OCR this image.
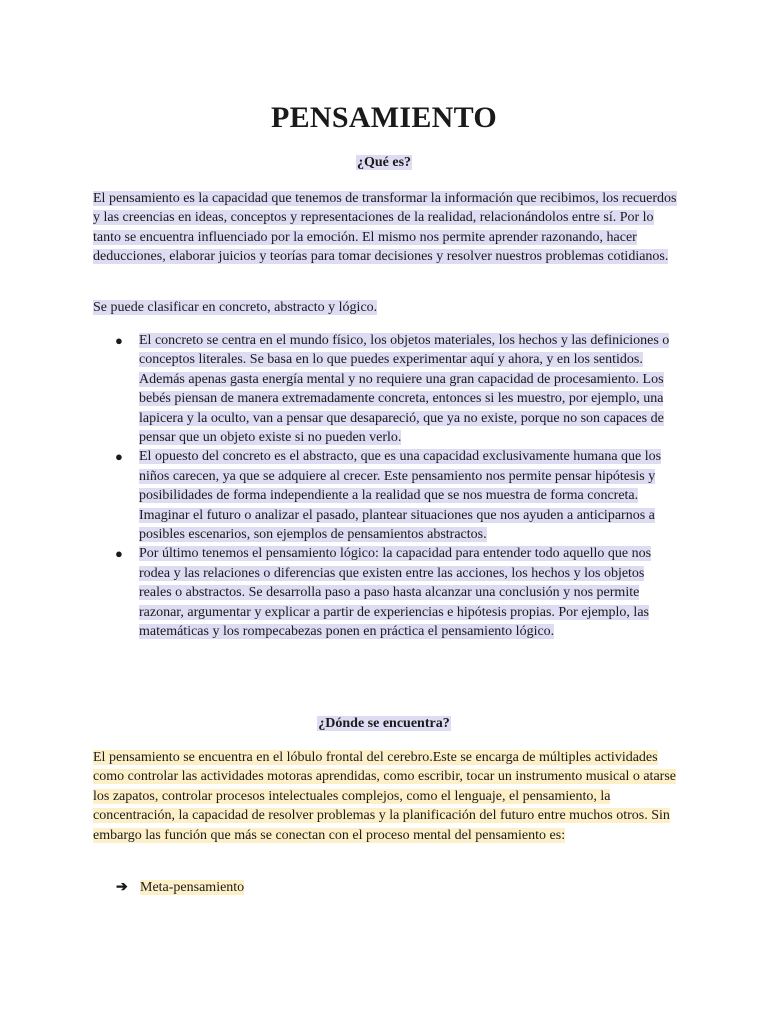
PENSAMIENTO
¿Qué es?
El pensamiento es la capacidad que tenemos de transformar la información que recibimos, los recuerdos y las creencias en ideas, conceptos y representaciones de la realidad, relacionándolos entre sí. Por lo tanto se encuentra influenciado por la emoción. El mismo nos permite aprender razonando, hacer deducciones, elaborar juicios y teorías para tomar decisiones y resolver nuestros problemas cotidianos.
Se puede clasificar en concreto, abstracto y lógico.
● El concreto se centra en el mundo físico, los objetos materiales, los hechos y las definiciones o conceptos literales. Se basa en lo que puedes experimentar aquí y ahora, y en los sentidos. Además apenas gasta energía mental y no requiere una gran capacidad de procesamiento. Los bebés piensan de manera extremadamente concreta, entonces si les muestro, por ejemplo, una lapicera y la oculto, van a pensar que desapareció, que ya no existe, porque no son capaces de pensar que un objeto existe si no pueden verlo.
● El opuesto del concreto es el abstracto, que es una capacidad exclusivamente humana que los niños carecen, ya que se adquiere al crecer. Este pensamiento nos permite pensar hipótesis y posibilidades de forma independiente a la realidad que se nos muestra de forma concreta. Imaginar el futuro o analizar el pasado, plantear situaciones que nos ayuden a anticiparnos a posibles escenarios, son ejemplos de pensamientos abstractos.
● Por último tenemos el pensamiento lógico: la capacidad para entender todo aquello que nos rodea y las relaciones o diferencias que existen entre las acciones, los hechos y los objetos reales o abstractos. Se desarrolla paso a paso hasta alcanzar una conclusión y nos permite razonar, argumentar y explicar a partir de experiencias e hipótesis propias. Por ejemplo, las matemáticas y los rompecabezas ponen en práctica el pensamiento lógico.
¿Dónde se encuentra?
El pensamiento se encuentra en el lóbulo frontal del cerebro.Este se encarga de múltiples actividades como controlar las actividades motoras aprendidas, como escribir, tocar un instrumento musical o atarse los zapatos, controlar procesos intelectuales complejos, como el lenguaje, el pensamiento, la concentración, la capacidad de resolver problemas y la planificación del futuro entre muchos otros. Sin embargo las función que más se conectan con el proceso mental del pensamiento es:
➔ Meta-pensamiento
